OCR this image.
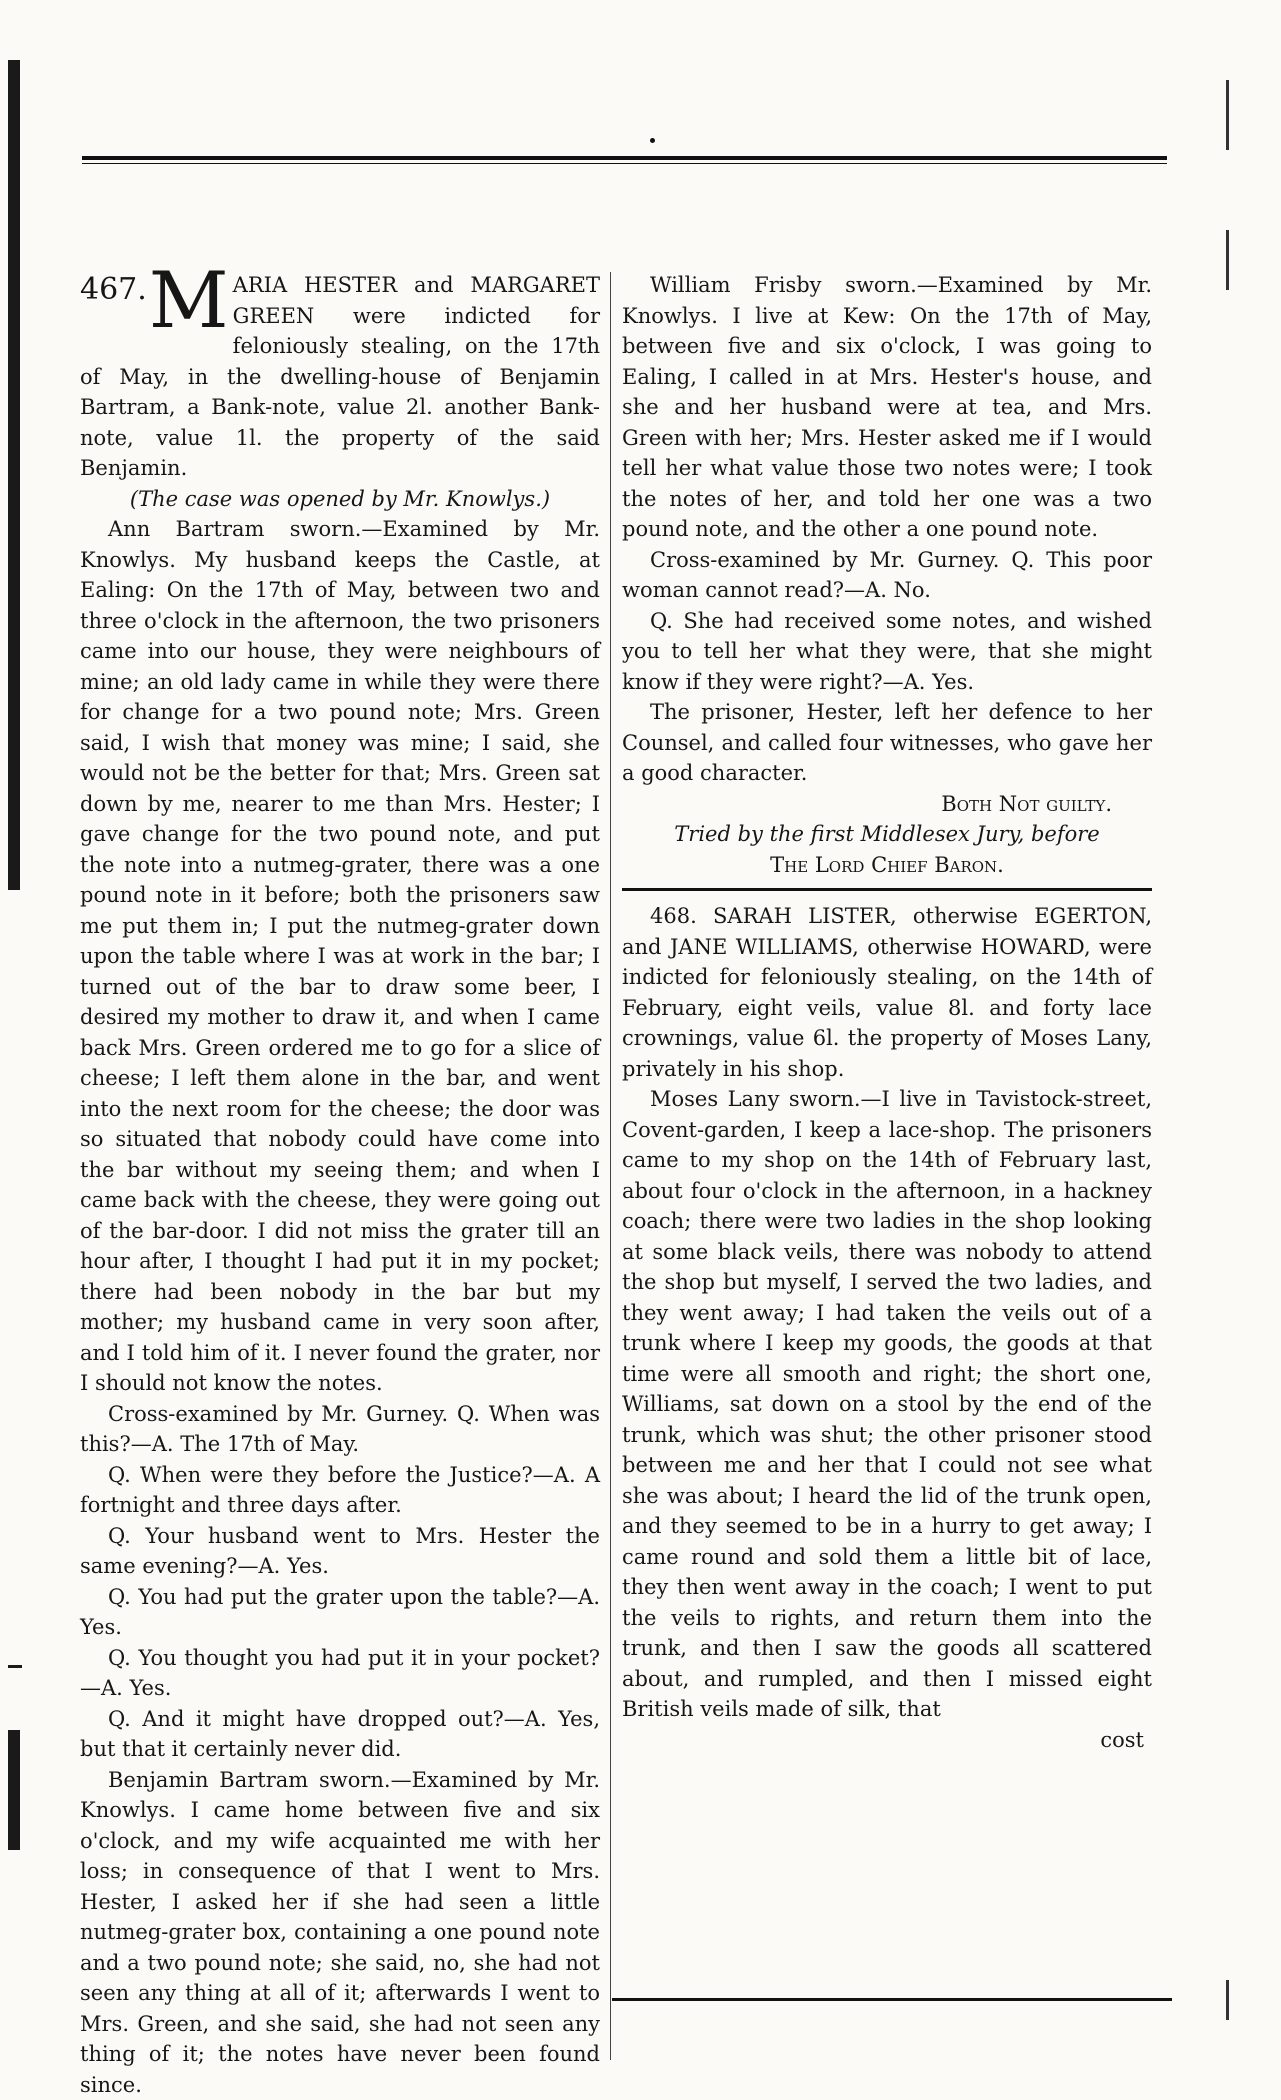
467. M ARIA HESTER and MARGARET GREEN were indicted for feloniously stealing, on the 17th of May, in the dwelling-house of Benjamin Bartram, a Bank-note, value 2l. another Bank-note, value 1l. the property of the said Benjamin.

(The case was opened by Mr. Knowlys.)

Ann Bartram sworn.—Examined by Mr. Knowlys. My husband keeps the Castle, at Ealing: On the 17th of May, between two and three o'clock in the afternoon, the two prisoners came into our house, they were neighbours of mine; an old lady came in while they were there for change for a two pound note; Mrs. Green said, I wish that money was mine; I said, she would not be the better for that; Mrs. Green sat down by me, nearer to me than Mrs. Hester; I gave change for the two pound note, and put the note into a nutmeg-grater, there was a one pound note in it before; both the prisoners saw me put them in; I put the nutmeg-grater down upon the table where I was at work in the bar; I turned out of the bar to draw some beer, I desired my mother to draw it, and when I came back Mrs. Green ordered me to go for a slice of cheese; I left them alone in the bar, and went into the next room for the cheese; the door was so situated that nobody could have come into the bar without my seeing them; and when I came back with the cheese, they were going out of the bar-door. I did not miss the grater till an hour after, I thought I had put it in my pocket; there had been nobody in the bar but my mother; my husband came in very soon after, and I told him of it. I never found the grater, nor I should not know the notes.

Cross-examined by Mr. Gurney. Q. When was this?—A. The 17th of May.

Q. When were they before the Justice?—A. A fortnight and three days after.

Q. Your husband went to Mrs. Hester the same evening?—A. Yes.

Q. You had put the grater upon the table?—A. Yes.

Q. You thought you had put it in your pocket?—A. Yes.

Q. And it might have dropped out?—A. Yes, but that it certainly never did.

Benjamin Bartram sworn.—Examined by Mr. Knowlys. I came home between five and six o'clock, and my wife acquainted me with her loss; in consequence of that I went to Mrs. Hester, I asked her if she had seen a little nutmeg-grater box, containing a one pound note and a two pound note; she said, no, she had not seen any thing at all of it; afterwards I went to Mrs. Green, and she said, she had not seen any thing of it; the notes have never been found since.

William Frisby sworn.—Examined by Mr. Knowlys. I live at Kew: On the 17th of May, between five and six o'clock, I was going to Ealing, I called in at Mrs. Hester's house, and she and her husband were at tea, and Mrs. Green with her; Mrs. Hester asked me if I would tell her what value those two notes were; I took the notes of her, and told her one was a two pound note, and the other a one pound note.

Cross-examined by Mr. Gurney. Q. This poor woman cannot read?—A. No.

Q. She had received some notes, and wished you to tell her what they were, that she might know if they were right?—A. Yes.

The prisoner, Hester, left her defence to her Counsel, and called four witnesses, who gave her a good character.

Both Not guilty.

Tried by the first Middlesex Jury, before

The Lord Chief Baron.

468. SARAH LISTER, otherwise EGERTON, and JANE WILLIAMS, otherwise HOWARD, were indicted for feloniously stealing, on the 14th of February, eight veils, value 8l. and forty lace crownings, value 6l. the property of Moses Lany, privately in his shop.

Moses Lany sworn.—I live in Tavistock-street, Covent-garden, I keep a lace-shop. The prisoners came to my shop on the 14th of February last, about four o'clock in the afternoon, in a hackney coach; there were two ladies in the shop looking at some black veils, there was nobody to attend the shop but myself, I served the two ladies, and they went away; I had taken the veils out of a trunk where I keep my goods, the goods at that time were all smooth and right; the short one, Williams, sat down on a stool by the end of the trunk, which was shut; the other prisoner stood between me and her that I could not see what she was about; I heard the lid of the trunk open, and they seemed to be in a hurry to get away; I came round and sold them a little bit of lace, they then went away in the coach; I went to put the veils to rights, and return them into the trunk, and then I saw the goods all scattered about, and rumpled, and then I missed eight British veils made of silk, that

cost
